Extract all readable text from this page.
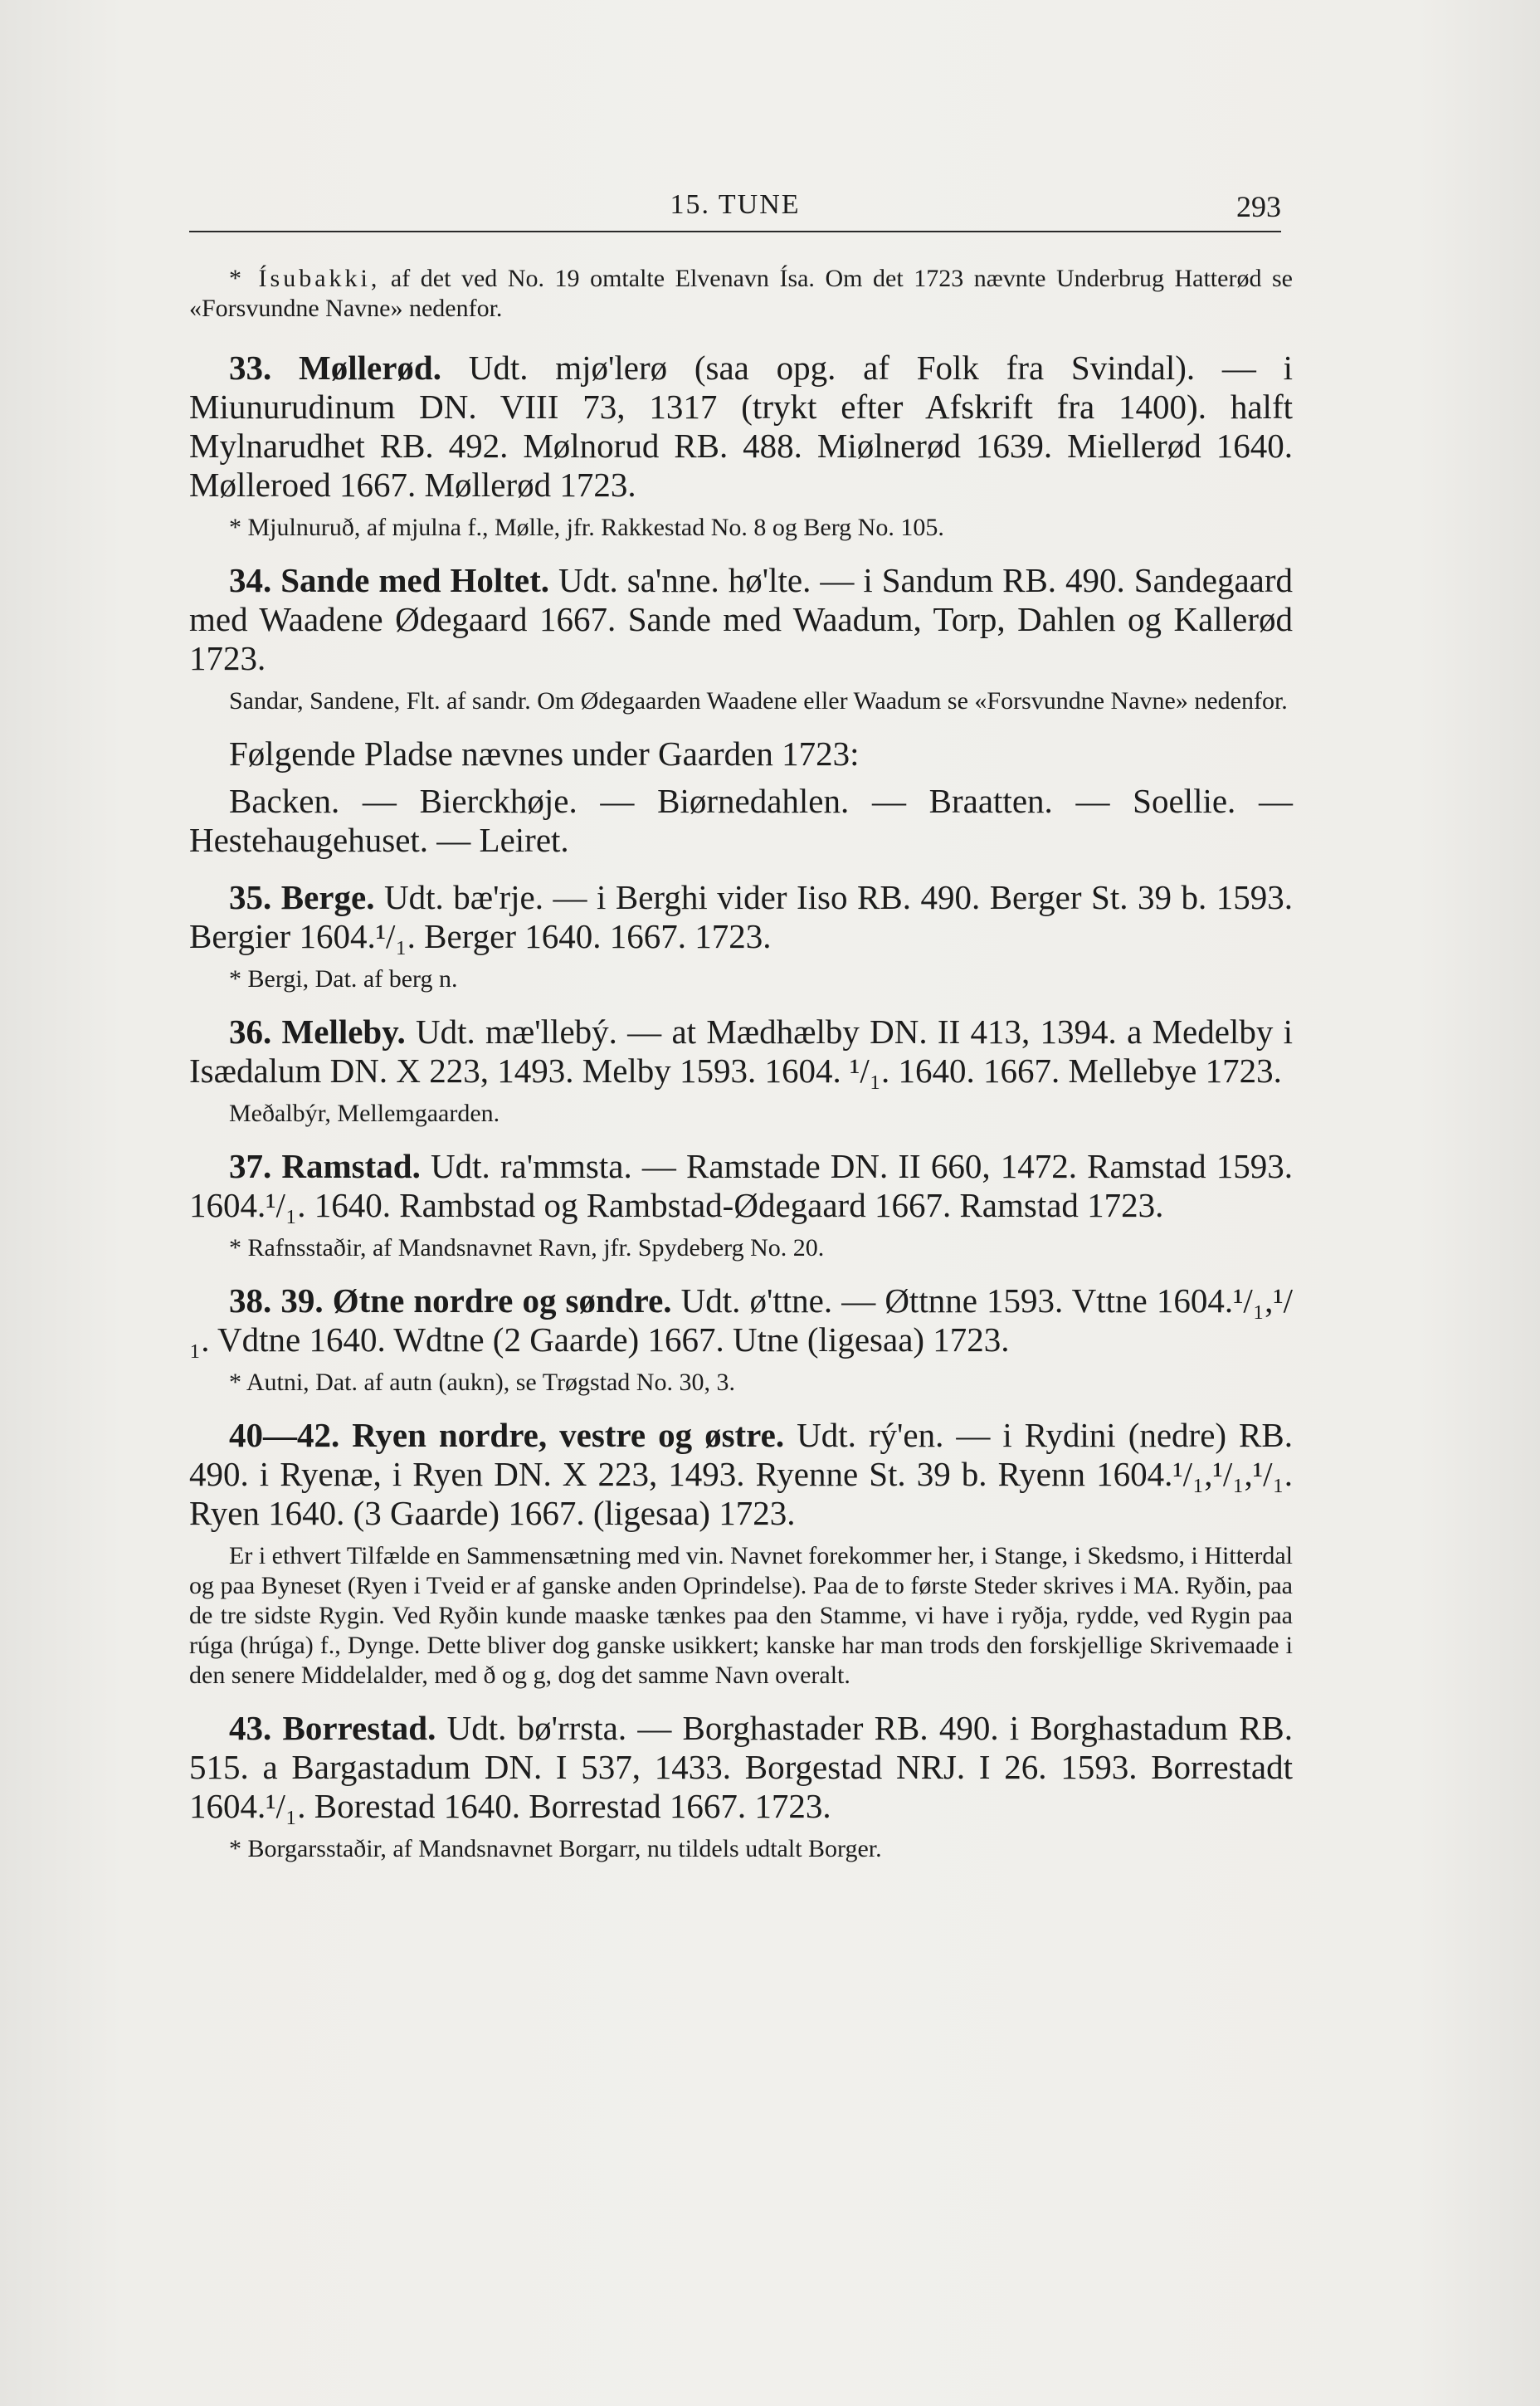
15. TUNE	293

* Ísubakki, af det ved No. 19 omtalte Elvenavn Ísa. Om det 1723 nævnte Underbrug Hatterød se «Forsvundne Navne» nedenfor.

33. Møllerød. Udt. mjø'lerø (saa opg. af Folk fra Svindal). — i Miunurudinum DN. VIII 73, 1317 (trykt efter Afskrift fra 1400). halft Mylnarudhet RB. 492. Mølnorud RB. 488. Miølnerød 1639. Miellerød 1640. Mølleroed 1667. Møllerød 1723.

* Mjulnuruð, af mjulna f., Mølle, jfr. Rakkestad No. 8 og Berg No. 105.

34. Sande med Holtet. Udt. sa'nne. hø'lte. — i Sandum RB. 490. Sandegaard med Waadene Ødegaard 1667. Sande med Waadum, Torp, Dahlen og Kallerød 1723.

Sandar, Sandene, Flt. af sandr. Om Ødegaarden Waadene eller Waadum se «Forsvundne Navne» nedenfor.

Følgende Pladse nævnes under Gaarden 1723:

Backen. — Bierckhøje. — Biørnedahlen. — Braatten. — Soellie. — Hestehaugehuset. — Leiret.

35. Berge. Udt. bæ'rje. — i Berghi vider Iiso RB. 490. Berger St. 39 b. 1593. Bergier 1604.¹/₁. Berger 1640. 1667. 1723.

* Bergi, Dat. af berg n.

36. Melleby. Udt. mæ'llebý. — at Mædhælby DN. II 413, 1394. a Medelby i Isædalum DN. X 223, 1493. Melby 1593. 1604. ¹/₁. 1640. 1667. Mellebye 1723.

Meðalbýr, Mellemgaarden.

37. Ramstad. Udt. ra'mmsta. — Ramstade DN. II 660, 1472. Ramstad 1593. 1604.¹/₁. 1640. Rambstad og Rambstad-Ødegaard 1667. Ramstad 1723.

* Rafnsstaðir, af Mandsnavnet Ravn, jfr. Spydeberg No. 20.

38. 39. Øtne nordre og søndre. Udt. ø'ttne. — Øttnne 1593. Vttne 1604.¹/₁,¹/₁. Vdtne 1640. Wdtne (2 Gaarde) 1667. Utne (ligesaa) 1723.

* Autni, Dat. af autn (aukn), se Trøgstad No. 30, 3.

40—42. Ryen nordre, vestre og østre. Udt. rý'en. — i Rydini (nedre) RB. 490. i Ryenæ, i Ryen DN. X 223, 1493. Ryenne St. 39 b. Ryenn 1604.¹/₁,¹/₁,¹/₁. Ryen 1640. (3 Gaarde) 1667. (ligesaa) 1723.

Er i ethvert Tilfælde en Sammensætning med vin. Navnet forekommer her, i Stange, i Skedsmo, i Hitterdal og paa Byneset (Ryen i Tveid er af ganske anden Oprindelse). Paa de to første Steder skrives i MA. Ryðin, paa de tre sidste Rygin. Ved Ryðin kunde maaske tænkes paa den Stamme, vi have i ryðja, rydde, ved Rygin paa rúga (hrúga) f., Dynge. Dette bliver dog ganske usikkert; kanske har man trods den forskjellige Skrivemaade i den senere Middelalder, med ð og g, dog det samme Navn overalt.

43. Borrestad. Udt. bø'rrsta. — Borghastader RB. 490. i Borghastadum RB. 515. a Bargastadum DN. I 537, 1433. Borgestad NRJ. I 26. 1593. Borrestadt 1604.¹/₁. Borestad 1640. Borrestad 1667. 1723.

* Borgarsstaðir, af Mandsnavnet Borgarr, nu tildels udtalt Borger.
